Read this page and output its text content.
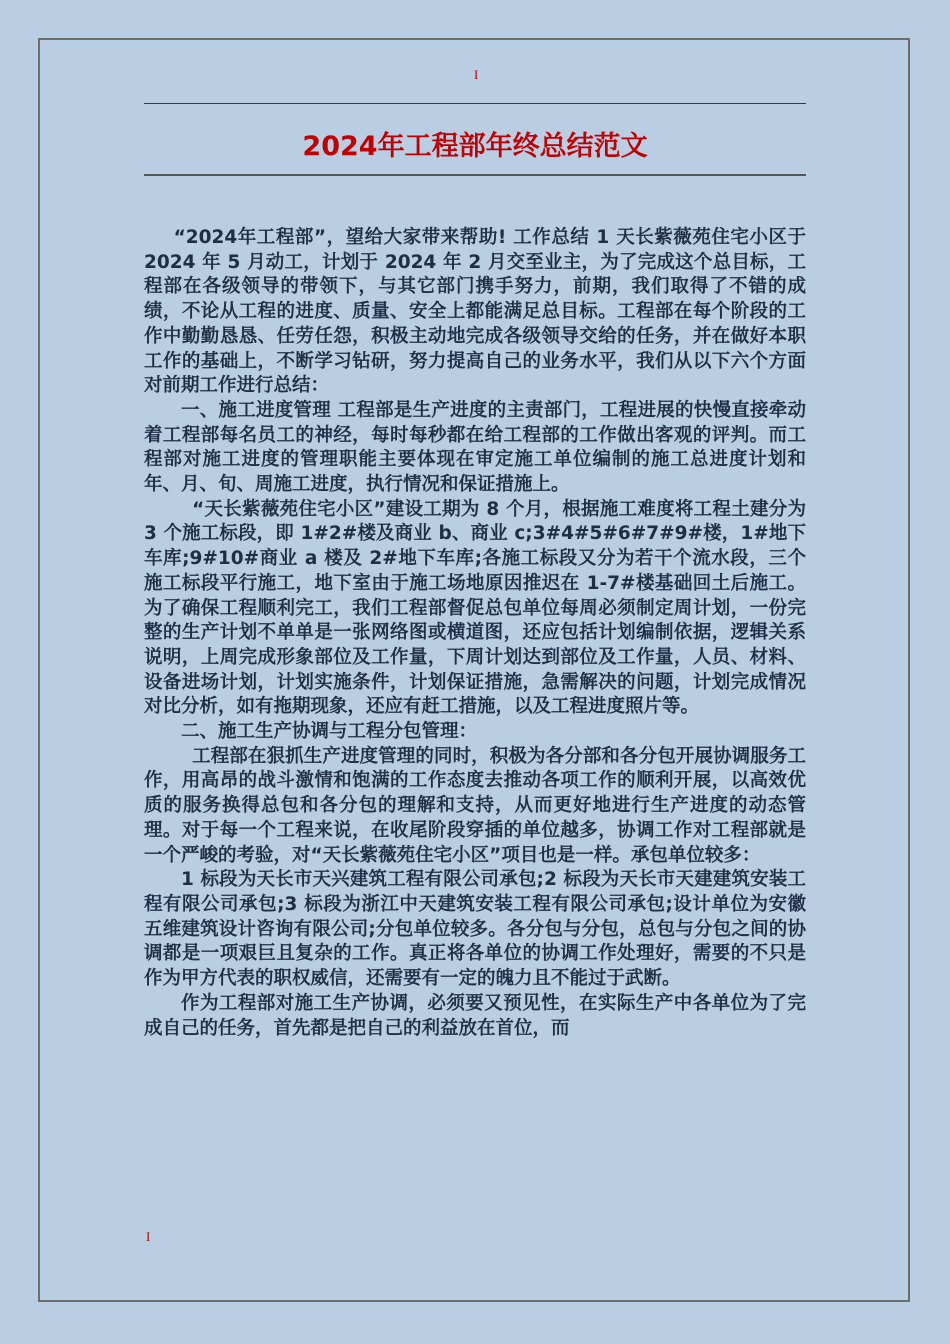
I
2024年工程部年终总结范文

“2024年工程部”，望给大家带来帮助! 工作总结 1 天长紫薇苑住宅小区于 2024 年 5 月动工，计划于 2024 年 2 月交至业主，为了完成这个总目标，工程部在各级领导的带领下，与其它部门携手努力，前期，我们取得了不错的成绩，不论从工程的进度、质量、安全上都能满足总目标。工程部在每个阶段的工作中勤勤恳恳、任劳任怨，积极主动地完成各级领导交给的任务，并在做好本职工作的基础上，不断学习钻研，努力提高自己的业务水平，我们从以下六个方面对前期工作进行总结：

一、施工进度管理 工程部是生产进度的主责部门，工程进展的快慢直接牵动着工程部每名员工的神经，每时每秒都在给工程部的工作做出客观的评判。而工程部对施工进度的管理职能主要体现在审定施工单位编制的施工总进度计划和年、月、旬、周施工进度，执行情况和保证措施上。

“天长紫薇苑住宅小区”建设工期为 8 个月，根据施工难度将工程土建分为 3 个施工标段，即 1#2#楼及商业 b、商业 c;3#4#5#6#7#9#楼，1#地下车库;9#10#商业 a 楼及 2#地下车库;各施工标段又分为若干个流水段，三个施工标段平行施工，地下室由于施工场地原因推迟在 1-7#楼基础回土后施工。为了确保工程顺利完工，我们工程部督促总包单位每周必须制定周计划，一份完整的生产计划不单单是一张网络图或横道图，还应包括计划编制依据，逻辑关系说明，上周完成形象部位及工作量，下周计划达到部位及工作量，人员、材料、设备进场计划，计划实施条件，计划保证措施，急需解决的问题，计划完成情况对比分析，如有拖期现象，还应有赶工措施，以及工程进度照片等。

二、施工生产协调与工程分包管理：

工程部在狠抓生产进度管理的同时，积极为各分部和各分包开展协调服务工作，用高昂的战斗激情和饱满的工作态度去推动各项工作的顺利开展，以高效优质的服务换得总包和各分包的理解和支持，从而更好地进行生产进度的动态管理。对于每一个工程来说，在收尾阶段穿插的单位越多，协调工作对工程部就是一个严峻的考验，对“天长紫薇苑住宅小区”项目也是一样。承包单位较多：

1 标段为天长市天兴建筑工程有限公司承包;2 标段为天长市天建建筑安装工程有限公司承包;3 标段为浙江中天建筑安装工程有限公司承包;设计单位为安徽五维建筑设计咨询有限公司;分包单位较多。各分包与分包，总包与分包之间的协调都是一项艰巨且复杂的工作。真正将各单位的协调工作处理好，需要的不只是作为甲方代表的职权威信，还需要有一定的魄力且不能过于武断。

作为工程部对施工生产协调，必须要又预见性，在实际生产中各单位为了完成自己的任务，首先都是把自己的利益放在首位，而

I
